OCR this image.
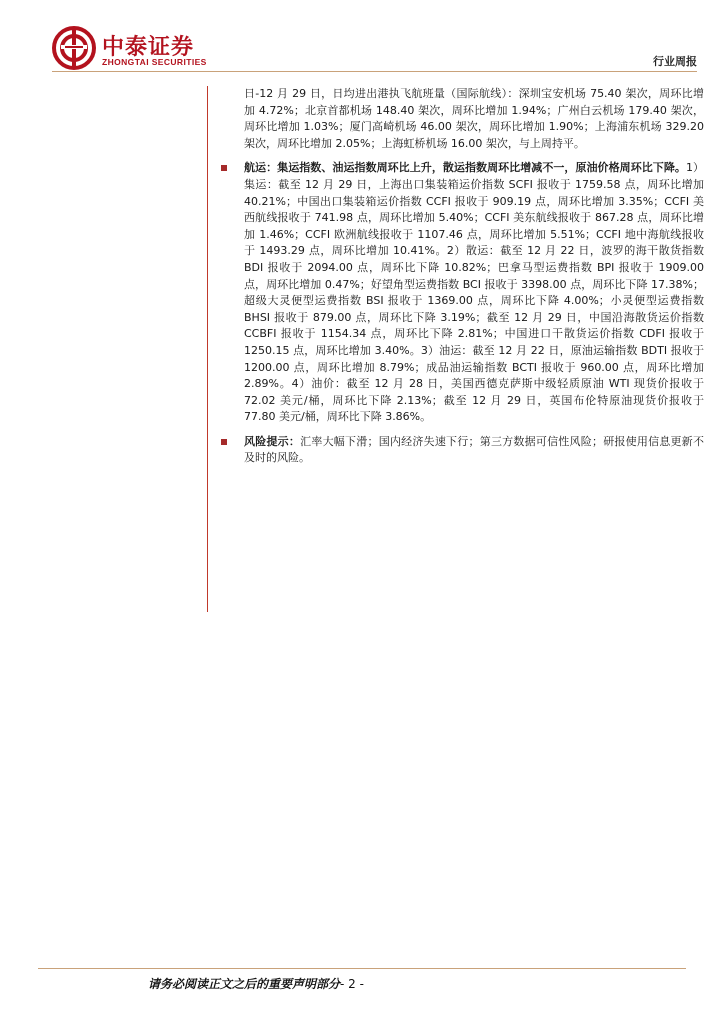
中泰证券
ZHONGTAI SECURITIES	行业周报

日-12 月 29 日，日均进出港执飞航班量（国际航线）：深圳宝安机场 75.40 架次，周环比增加 4.72%；北京首都机场 148.40 架次，周环比增加 1.94%；广州白云机场 179.40 架次，周环比增加 1.03%；厦门高崎机场 46.00 架次，周环比增加 1.90%；上海浦东机场 329.20 架次，周环比增加 2.05%；上海虹桥机场 16.00 架次，与上周持平。

航运：集运指数、油运指数周环比上升，散运指数周环比增减不一，原油价格周环比下降。1）集运：截至 12 月 29 日，上海出口集装箱运价指数 SCFI 报收于 1759.58 点，周环比增加 40.21%；中国出口集装箱运价指数 CCFI 报收于 909.19 点，周环比增加 3.35%；CCFI 美西航线报收于 741.98 点，周环比增加 5.40%；CCFI 美东航线报收于 867.28 点，周环比增加 1.46%；CCFI 欧洲航线报收于 1107.46 点，周环比增加 5.51%；CCFI 地中海航线报收于 1493.29 点，周环比增加 10.41%。2）散运：截至 12 月 22 日，波罗的海干散货指数 BDI 报收于 2094.00 点，周环比下降 10.82%；巴拿马型运费指数 BPI 报收于 1909.00 点，周环比增加 0.47%；好望角型运费指数 BCI 报收于 3398.00 点，周环比下降 17.38%；超级大灵便型运费指数 BSI 报收于 1369.00 点，周环比下降 4.00%；小灵便型运费指数 BHSI 报收于 879.00 点，周环比下降 3.19%；截至 12 月 29 日，中国沿海散货运价指数 CCBFI 报收于 1154.34 点，周环比下降 2.81%；中国进口干散货运价指数 CDFI 报收于 1250.15 点，周环比增加 3.40%。3）油运：截至 12 月 22 日，原油运输指数 BDTI 报收于 1200.00 点，周环比增加 8.79%；成品油运输指数 BCTI 报收于 960.00 点，周环比增加 2.89%。4）油价：截至 12 月 28 日，美国西德克萨斯中级轻质原油 WTI 现货价报收于 72.02 美元/桶，周环比下降 2.13%；截至 12 月 29 日，英国布伦特原油现货价报收于 77.80 美元/桶，周环比下降 3.86%。

风险提示：汇率大幅下滑；国内经济失速下行；第三方数据可信性风险；研报使用信息更新不及时的风险。

请务必阅读正文之后的重要声明部分- 2 -
